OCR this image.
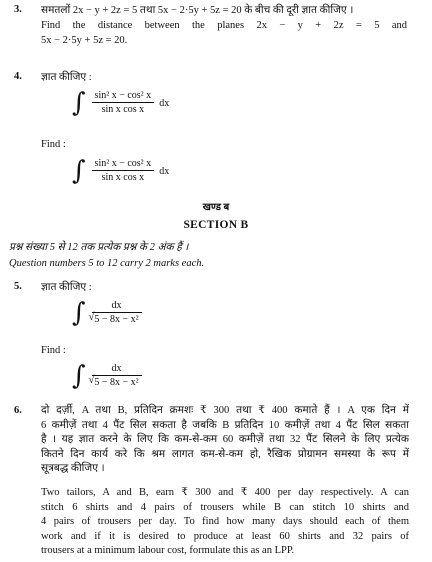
3. समतलों 2x − y + 2z = 5 तथा 5x − 2·5y + 5z = 20 के बीच की दूरी ज्ञात कीजिए ।
Find the distance between the planes 2x − y + 2z = 5 and
5x − 2·5y + 5z = 20.
4. ज्ञात कीजिए :
∫ $\frac{\text{sin² x − cos² x}}{\text{sin x cos x}}$ dx
Find :
∫ $\frac{\text{sin² x − cos² x}}{\text{sin x cos x}}$ dx
खण्ड ब
SECTION B
प्रश्न संख्या 5 से 12 तक प्रत्येक प्रश्न के 2 अंक हैं ।
Question numbers 5 to 12 carry 2 marks each.
5. ज्ञात कीजिए :
∫ $\frac{dx}{\text{√ 5 − 8x − x²}}$
Find :
∫ $\frac{dx}{\text{√ 5 − 8x − x²}}$
6. दो दर्ज़ी, A तथा B, प्रतिदिन क्रमशः ₹ 300 तथा ₹ 400 कमाते हैं । A एक दिन में
6 कमीज़ें तथा 4 पैंट सिल सकता है जबकि B प्रतिदिन 10 कमीज़ें तथा 4 पैंट सिल सकता
है । यह ज्ञात करने के लिए कि कम-से-कम 60 कमीज़ें तथा 32 पैंट सिलने के लिए प्रत्येक
कितने दिन कार्य करे कि श्रम लागत कम-से-कम हो, रैखिक प्रोग्रामन समस्या के रूप में
सूत्रबद्ध कीजिए ।
Two tailors, A and B, earn ₹ 300 and ₹ 400 per day respectively. A can
stitch 6 shirts and 4 pairs of trousers while B can stitch 10 shirts and
4 pairs of trousers per day. To find how many days should each of them
work and if it is desired to produce at least 60 shirts and 32 pairs of
trousers at a minimum labour cost, formulate this as an LPP.
